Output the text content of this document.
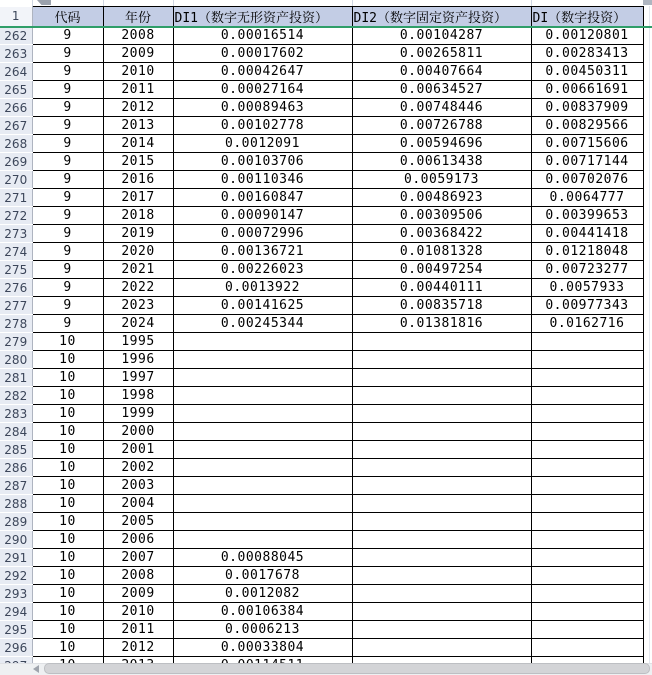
1	代码	年份	DI1（数字无形资产投资）	DI2（数字固定资产投资）	DI（数字投资）
262	9	2008	0.00016514	0.00104287	0.00120801
263	9	2009	0.00017602	0.00265811	0.00283413
264	9	2010	0.00042647	0.00407664	0.00450311
265	9	2011	0.00027164	0.00634527	0.00661691
266	9	2012	0.00089463	0.00748446	0.00837909
267	9	2013	0.00102778	0.00726788	0.00829566
268	9	2014	0.0012091	0.00594696	0.00715606
269	9	2015	0.00103706	0.00613438	0.00717144
270	9	2016	0.00110346	0.0059173	0.00702076
271	9	2017	0.00160847	0.00486923	0.0064777
272	9	2018	0.00090147	0.00309506	0.00399653
273	9	2019	0.00072996	0.00368422	0.00441418
274	9	2020	0.00136721	0.01081328	0.01218048
275	9	2021	0.00226023	0.00497254	0.00723277
276	9	2022	0.0013922	0.00440111	0.0057933
277	9	2023	0.00141625	0.00835718	0.00977343
278	9	2024	0.00245344	0.01381816	0.0162716
279	10	1995			
280	10	1996			
281	10	1997			
282	10	1998			
283	10	1999			
284	10	2000			
285	10	2001			
286	10	2002			
287	10	2003			
288	10	2004			
289	10	2005			
290	10	2006			
291	10	2007	0.00088045		
292	10	2008	0.0017678		
293	10	2009	0.0012082		
294	10	2010	0.00106384		
295	10	2011	0.0006213		
296	10	2012	0.00033804		
